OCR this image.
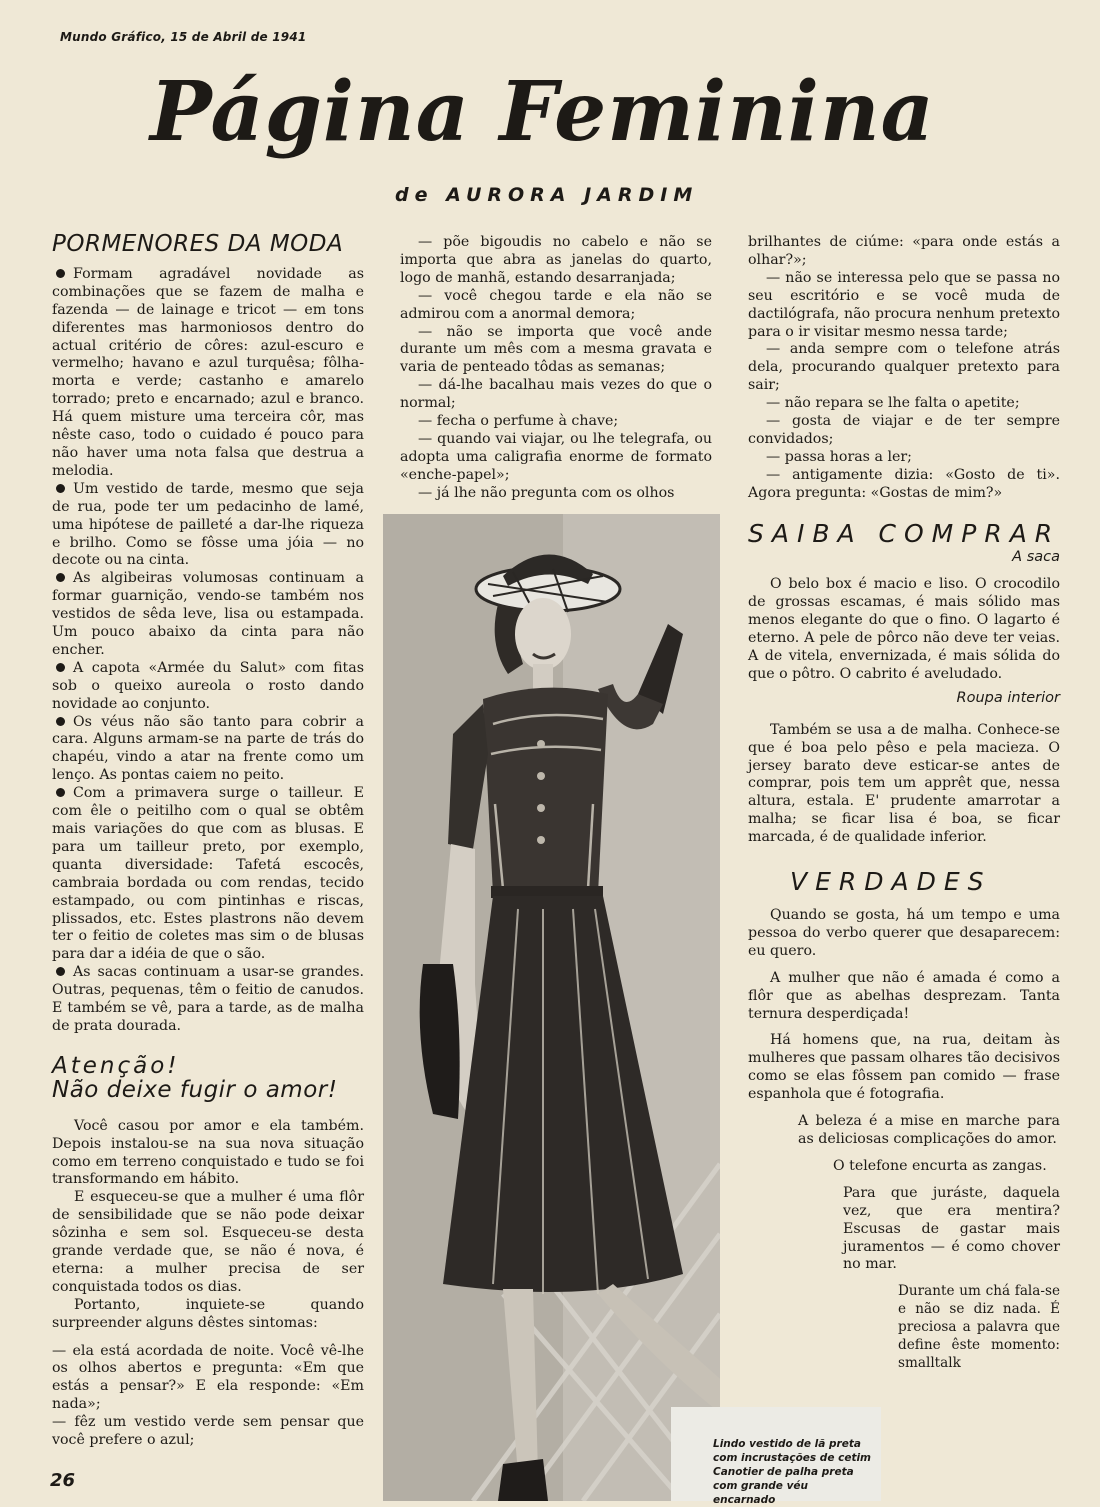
Mundo Gráfico, 15 de Abril de 1941
Página Feminina
de AURORA JARDIM
PORMENORES DA MODA

Formam agradável novidade as combinações que se fazem de malha e fazenda — de lainage e tricot — em tons diferentes mas harmoniosos dentro do actual critério de côres: azul-escuro e vermelho; havano e azul turquêsa; fôlha-morta e verde; castanho e amarelo torrado; preto e encarnado; azul e branco. Há quem misture uma terceira côr, mas nêste caso, todo o cuidado é pouco para não haver uma nota falsa que destrua a melodia.

Um vestido de tarde, mesmo que seja de rua, pode ter um pedacinho de lamé, uma hipótese de pailleté a dar-lhe riqueza e brilho. Como se fôsse uma jóia — no decote ou na cinta.

As algibeiras volumosas continuam a formar guarnição, vendo-se também nos vestidos de sêda leve, lisa ou estampada. Um pouco abaixo da cinta para não encher.

A capota «Armée du Salut» com fitas sob o queixo aureola o rosto dando novidade ao conjunto.

Os véus não são tanto para cobrir a cara. Alguns armam-se na parte de trás do chapéu, vindo a atar na frente como um lenço. As pontas caiem no peito.

Com a primavera surge o tailleur. E com êle o peitilho com o qual se obtêm mais variações do que com as blusas. E para um tailleur preto, por exemplo, quanta diversidade: Tafetá escocês, cambraia bordada ou com rendas, tecido estampado, ou com pintinhas e riscas, plissados, etc. Estes plastrons não devem ter o feitio de coletes mas sim o de blusas para dar a idéia de que o são.

As sacas continuam a usar-se grandes. Outras, pequenas, têm o feitio de canudos. E também se vê, para a tarde, as de malha de prata dourada.

Atenção!
Não deixe fugir o amor!

Você casou por amor e ela também. Depois instalou-se na sua nova situação como em terreno conquistado e tudo se foi transformando em hábito.

E esqueceu-se que a mulher é uma flôr de sensibilidade que se não pode deixar sôzinha e sem sol. Esqueceu-se desta grande verdade que, se não é nova, é eterna: a mulher precisa de ser conquistada todos os dias.

Portanto, inquiete-se quando surpreender alguns dêstes sintomas:

— ela está acordada de noite. Você vê-lhe os olhos abertos e pregunta: «Em que estás a pensar?» E ela responde: «Em nada»;

— fêz um vestido verde sem pensar que você prefere o azul;

— põe bigoudis no cabelo e não se importa que abra as janelas do quarto, logo de manhã, estando desarranjada;

— você chegou tarde e ela não se admirou com a anormal demora;

— não se importa que você ande durante um mês com a mesma gravata e varia de penteado tôdas as semanas;

— dá-lhe bacalhau mais vezes do que o normal;

— fecha o perfume à chave;

— quando vai viajar, ou lhe telegrafa, ou adopta uma caligrafia enorme de formato «enche-papel»;

— já lhe não pregunta com os olhos

Lindo vestido de lã preta
com incrustações de cetim
Canotier de palha preta
com grande véu encarnado

brilhantes de ciúme: «para onde estás a olhar?»;

— não se interessa pelo que se passa no seu escritório e se você muda de dactilógrafa, não procura nenhum pretexto para o ir visitar mesmo nessa tarde;

— anda sempre com o telefone atrás dela, procurando qualquer pretexto para sair;

— não repara se lhe falta o apetite;

— gosta de viajar e de ter sempre convidados;

— passa horas a ler;

— antigamente dizia: «Gosto de ti». Agora pregunta: «Gostas de mim?»

SAIBA COMPRAR
A saca

O belo box é macio e liso. O crocodilo de grossas escamas, é mais sólido mas menos elegante do que o fino. O lagarto é eterno. A pele de pôrco não deve ter veias. A de vitela, envernizada, é mais sólida do que o pôtro. O cabrito é aveludado.

Roupa interior

Também se usa a de malha. Conhece-se que é boa pelo pêso e pela macieza. O jersey barato deve esticar-se antes de comprar, pois tem um apprêt que, nessa altura, estala. E' prudente amarrotar a malha; se ficar lisa é boa, se ficar marcada, é de qualidade inferior.

VERDADES

Quando se gosta, há um tempo e uma pessoa do verbo querer que desaparecem: eu quero.

A mulher que não é amada é como a flôr que as abelhas desprezam. Tanta ternura desperdiçada!

Há homens que, na rua, deitam às mulheres que passam olhares tão decisivos como se elas fôssem pan comido — frase espanhola que é fotografia.

A beleza é a mise en marche para as deliciosas complicações do amor.

O telefone encurta as zangas.

Para que juráste, daquela vez, que era mentira? Escusas de gastar mais juramentos — é como chover no mar.

Durante um chá fala-se e não se diz nada. É preciosa a palavra que define êste momento: smalltalk

26
